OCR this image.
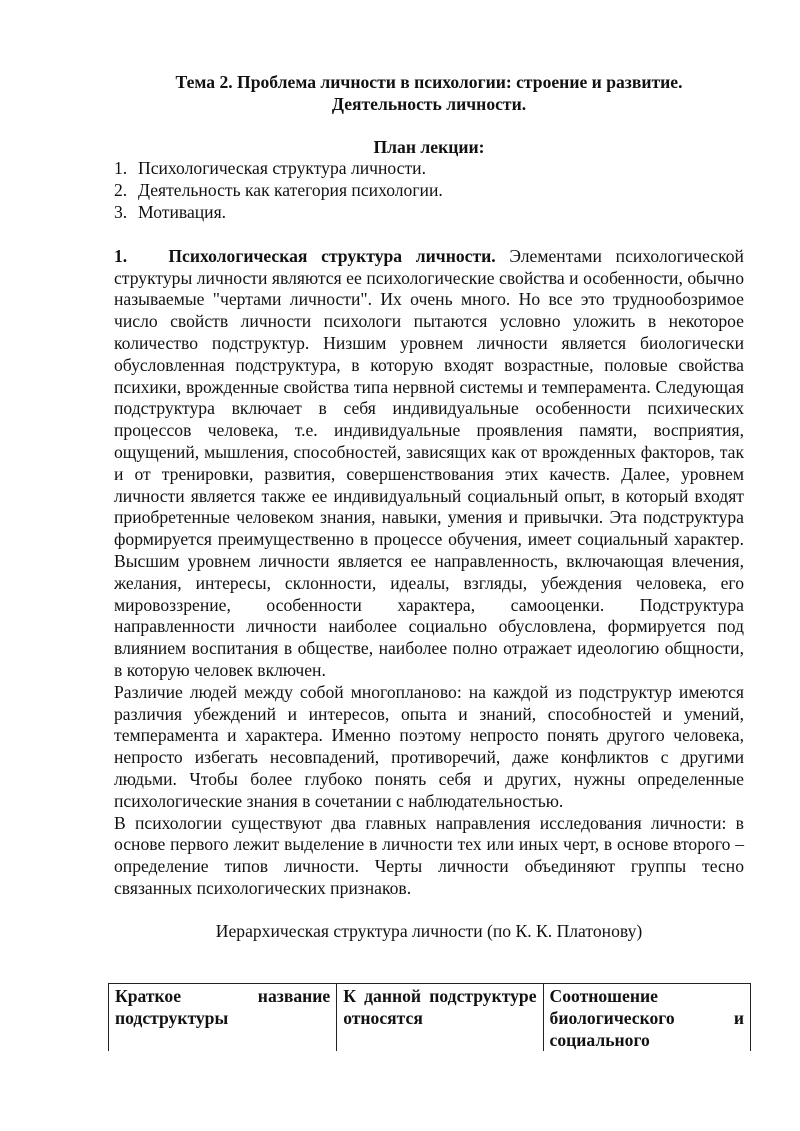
Тема 2. Проблема личности в психологии: строение и развитие.
Деятельность личности.
План лекции:
1. Психологическая структура личности.
2. Деятельность как категория психологии.
3. Мотивация.

1. Психологическая структура личности. Элементами психологической структуры личности являются ее психологические свойства и особенности, обычно называемые "чертами личности". Их очень много. Но все это труднообозримое число свойств личности психологи пытаются условно уложить в некоторое количество подструктур. Низшим уровнем личности является биологически обусловленная подструктура, в которую входят возрастные, половые свойства психики, врожденные свойства типа нервной системы и темперамента. Следующая подструктура включает в себя индивидуальные особенности психических процессов человека, т.е. индивидуальные проявления памяти, восприятия, ощущений, мышления, способностей, зависящих как от врожденных факторов, так и от тренировки, развития, совершенствования этих качеств. Далее, уровнем личности является также ее индивидуальный социальный опыт, в который входят приобретенные человеком знания, навыки, умения и привычки. Эта подструктура формируется преимущественно в процессе обучения, имеет социальный характер. Высшим уровнем личности является ее направленность, включающая влечения, желания, интересы, склонности, идеалы, взгляды, убеждения человека, его мировоззрение, особенности характера, самооценки. Подструктура направленности личности наиболее социально обусловлена, формируется под влиянием воспитания в обществе, наиболее полно отражает идеологию общности, в которую человек включен.

Различие людей между собой многопланово: на каждой из подструктур имеются различия убеждений и интересов, опыта и знаний, способностей и умений, темперамента и характера. Именно поэтому непросто понять другого человека, непросто избегать несовпадений, противоречий, даже конфликтов с другими людьми. Чтобы более глубоко понять себя и других, нужны определенные психологические знания в сочетании с наблюдательностью.

В психологии существуют два главных направления исследования личности: в основе первого лежит выделение в личности тех или иных черт, в основе второго – определение типов личности. Черты личности объединяют группы тесно связанных психологических признаков.

Иерархическая структура личности (по К. К. Платонову)
Краткое название подструктуры	К данной подструктуре относятся	Соотношение биологического и социального
